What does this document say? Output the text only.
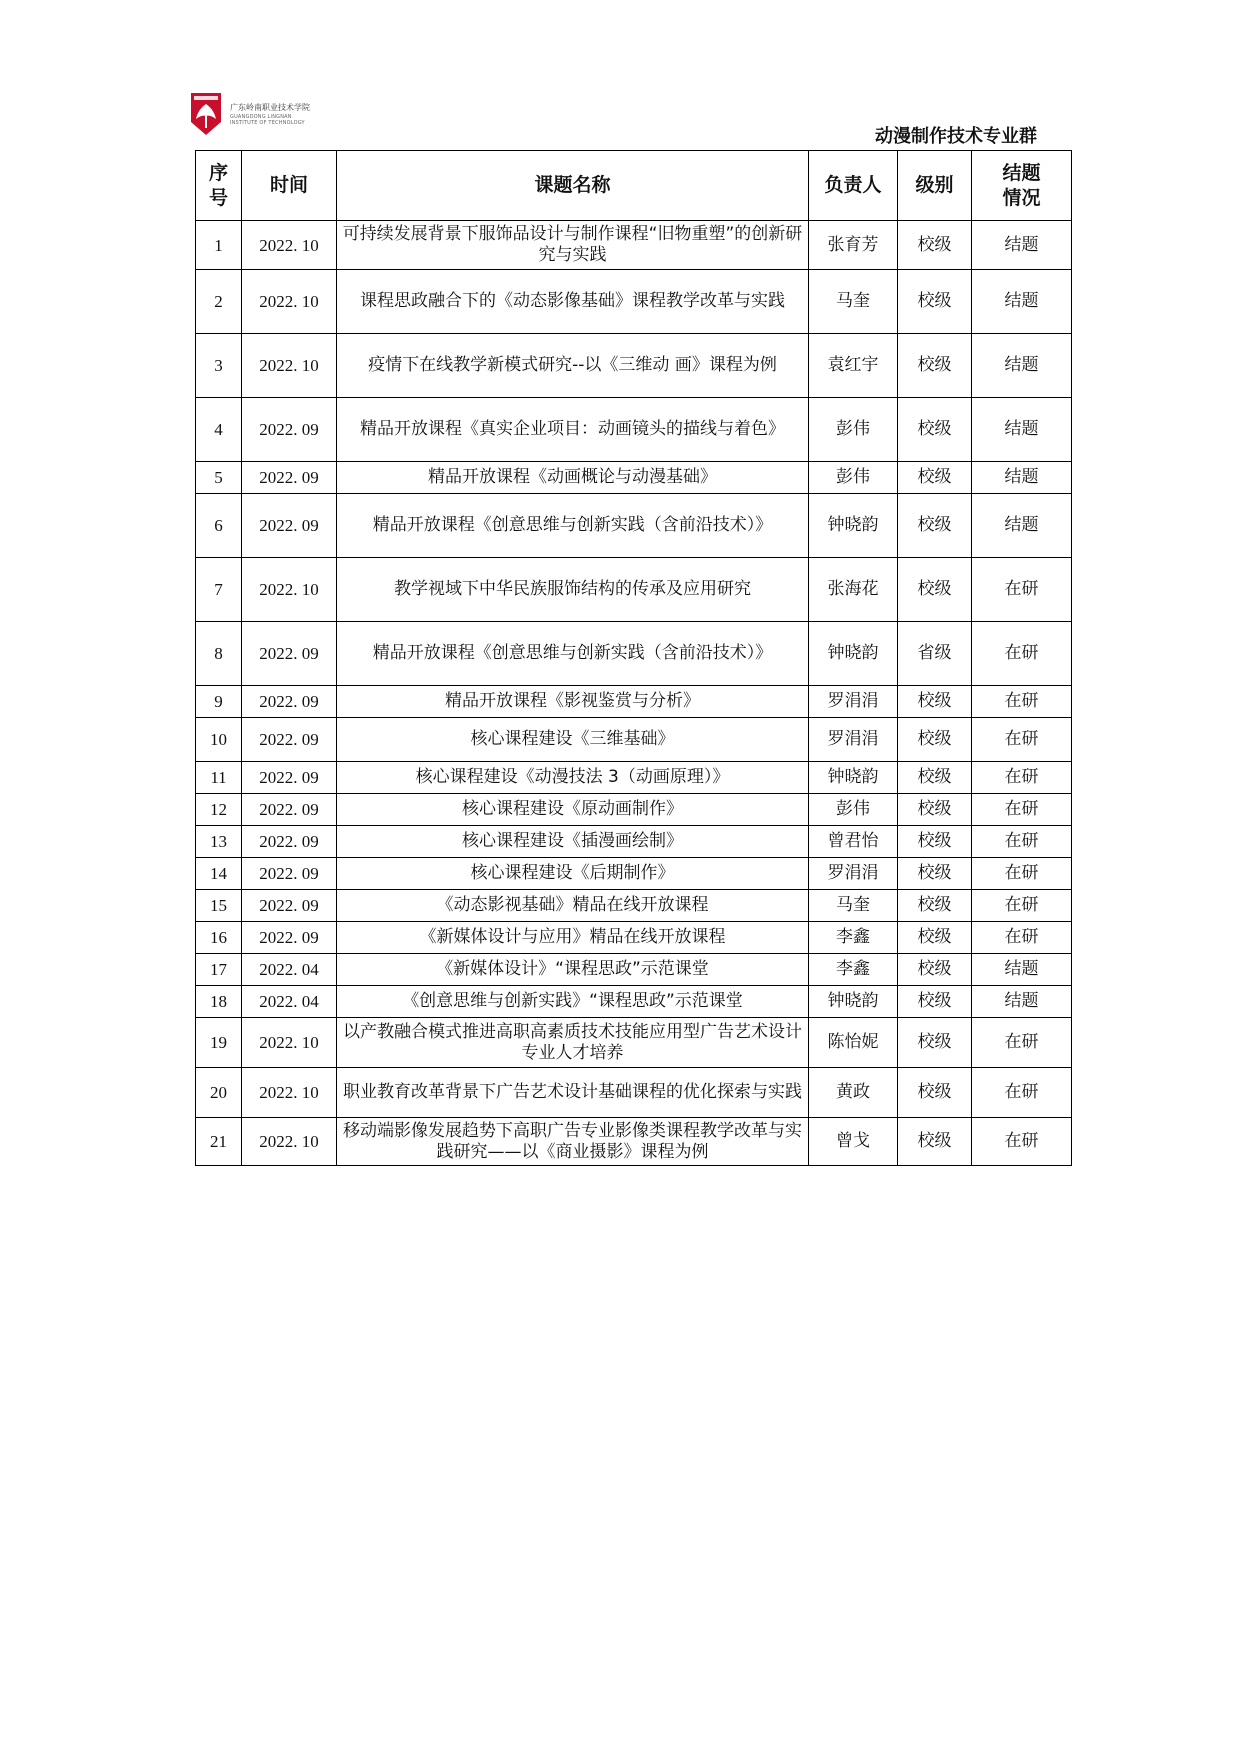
广东岭南职业技术学院
GUANGDONG LINGNAN
INSTITUTE OF TECHNOLOGY
动漫制作技术专业群
序号	时间	课题名称	负责人	级别	结题情况
1	2022. 10	可持续发展背景下服饰品设计与制作课程“旧物重塑”的创新研究与实践	张育芳	校级	结题
2	2022. 10	课程思政融合下的《动态影像基础》课程教学改革与实践	马奎	校级	结题
3	2022. 10	疫情下在线教学新模式研究--以《三维动 画》课程为例	袁红宇	校级	结题
4	2022. 09	精品开放课程《真实企业项目：动画镜头的描线与着色》	彭伟	校级	结题
5	2022. 09	精品开放课程《动画概论与动漫基础》	彭伟	校级	结题
6	2022. 09	精品开放课程《创意思维与创新实践（含前沿技术）》	钟晓韵	校级	结题
7	2022. 10	教学视域下中华民族服饰结构的传承及应用研究	张海花	校级	在研
8	2022. 09	精品开放课程《创意思维与创新实践（含前沿技术）》	钟晓韵	省级	在研
9	2022. 09	精品开放课程《影视鉴赏与分析》	罗涓涓	校级	在研
10	2022. 09	核心课程建设《三维基础》	罗涓涓	校级	在研
11	2022. 09	核心课程建设《动漫技法 3（动画原理）》	钟晓韵	校级	在研
12	2022. 09	核心课程建设《原动画制作》	彭伟	校级	在研
13	2022. 09	核心课程建设《插漫画绘制》	曾君怡	校级	在研
14	2022. 09	核心课程建设《后期制作》	罗涓涓	校级	在研
15	2022. 09	《动态影视基础》精品在线开放课程	马奎	校级	在研
16	2022. 09	《新媒体设计与应用》精品在线开放课程	李鑫	校级	在研
17	2022. 04	《新媒体设计》“课程思政”示范课堂	李鑫	校级	结题
18	2022. 04	《创意思维与创新实践》“课程思政”示范课堂	钟晓韵	校级	结题
19	2022. 10	以产教融合模式推进高职高素质技术技能应用型广告艺术设计专业人才培养	陈怡妮	校级	在研
20	2022. 10	职业教育改革背景下广告艺术设计基础课程的优化探索与实践	黄政	校级	在研
21	2022. 10	移动端影像发展趋势下高职广告专业影像类课程教学改革与实践研究——以《商业摄影》课程为例	曾戈	校级	在研
